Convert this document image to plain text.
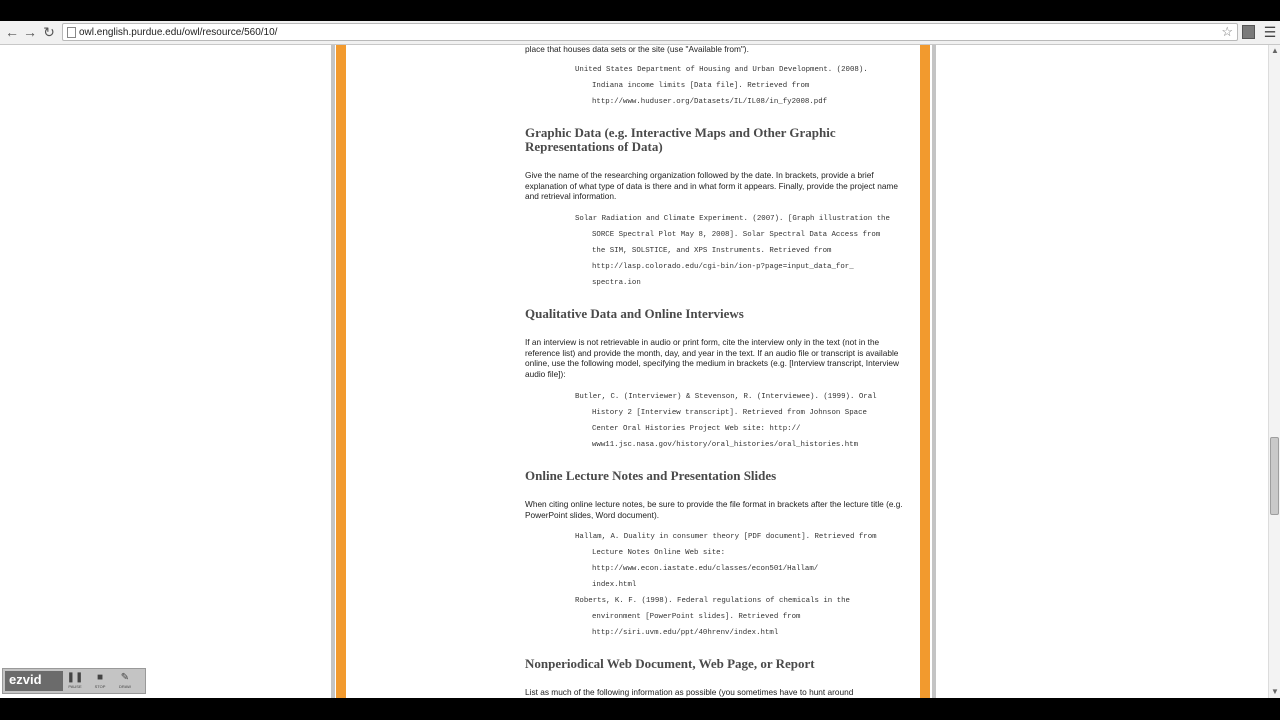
← → ↻
owl.english.purdue.edu/owl/resource/560/10/	☆ ☰

place that houses data sets or the site (use "Available from").

United States Department of Housing and Urban Development. (2008).

Indiana income limits [Data file]. Retrieved from
http://www.huduser.org/Datasets/IL/IL08/in_fy2008.pdf
Graphic Data (e.g. Interactive Maps and Other Graphic Representations of Data)

Give the name of the researching organization followed by the date. In brackets, provide a brief explanation of what type of data is there and in what form it appears. Finally, provide the project name and retrieval information.

Solar Radiation and Climate Experiment. (2007). [Graph illustration the

SORCE Spectral Plot May 8, 2008]. Solar Spectral Data Access from
the SIM, SOLSTICE, and XPS Instruments. Retrieved from
http://lasp.colorado.edu/cgi-bin/ion-p?page=input_data_for_
spectra.ion
Qualitative Data and Online Interviews

If an interview is not retrievable in audio or print form, cite the interview only in the text (not in the reference list) and provide the month, day, and year in the text. If an audio file or transcript is available online, use the following model, specifying the medium in brackets (e.g. [Interview transcript, Interview audio file]):

Butler, C. (Interviewer) & Stevenson, R. (Interviewee). (1999). Oral

History 2 [Interview transcript]. Retrieved from Johnson Space
Center Oral Histories Project Web site: http://
www11.jsc.nasa.gov/history/oral_histories/oral_histories.htm
Online Lecture Notes and Presentation Slides

When citing online lecture notes, be sure to provide the file format in brackets after the lecture title (e.g. PowerPoint slides, Word document).

Hallam, A. Duality in consumer theory [PDF document]. Retrieved from

Lecture Notes Online Web site:
http://www.econ.iastate.edu/classes/econ501/Hallam/
index.html
Roberts, K. F. (1998). Federal regulations of chemicals in the

environment [PowerPoint slides]. Retrieved from
http://siri.uvm.edu/ppt/40hrenv/index.html
Nonperiodical Web Document, Web Page, or Report

List as much of the following information as possible (you sometimes have to hunt around

▲
▼
ezvid	❚❚
PAUSE
■
STOP
✎
DRAW
